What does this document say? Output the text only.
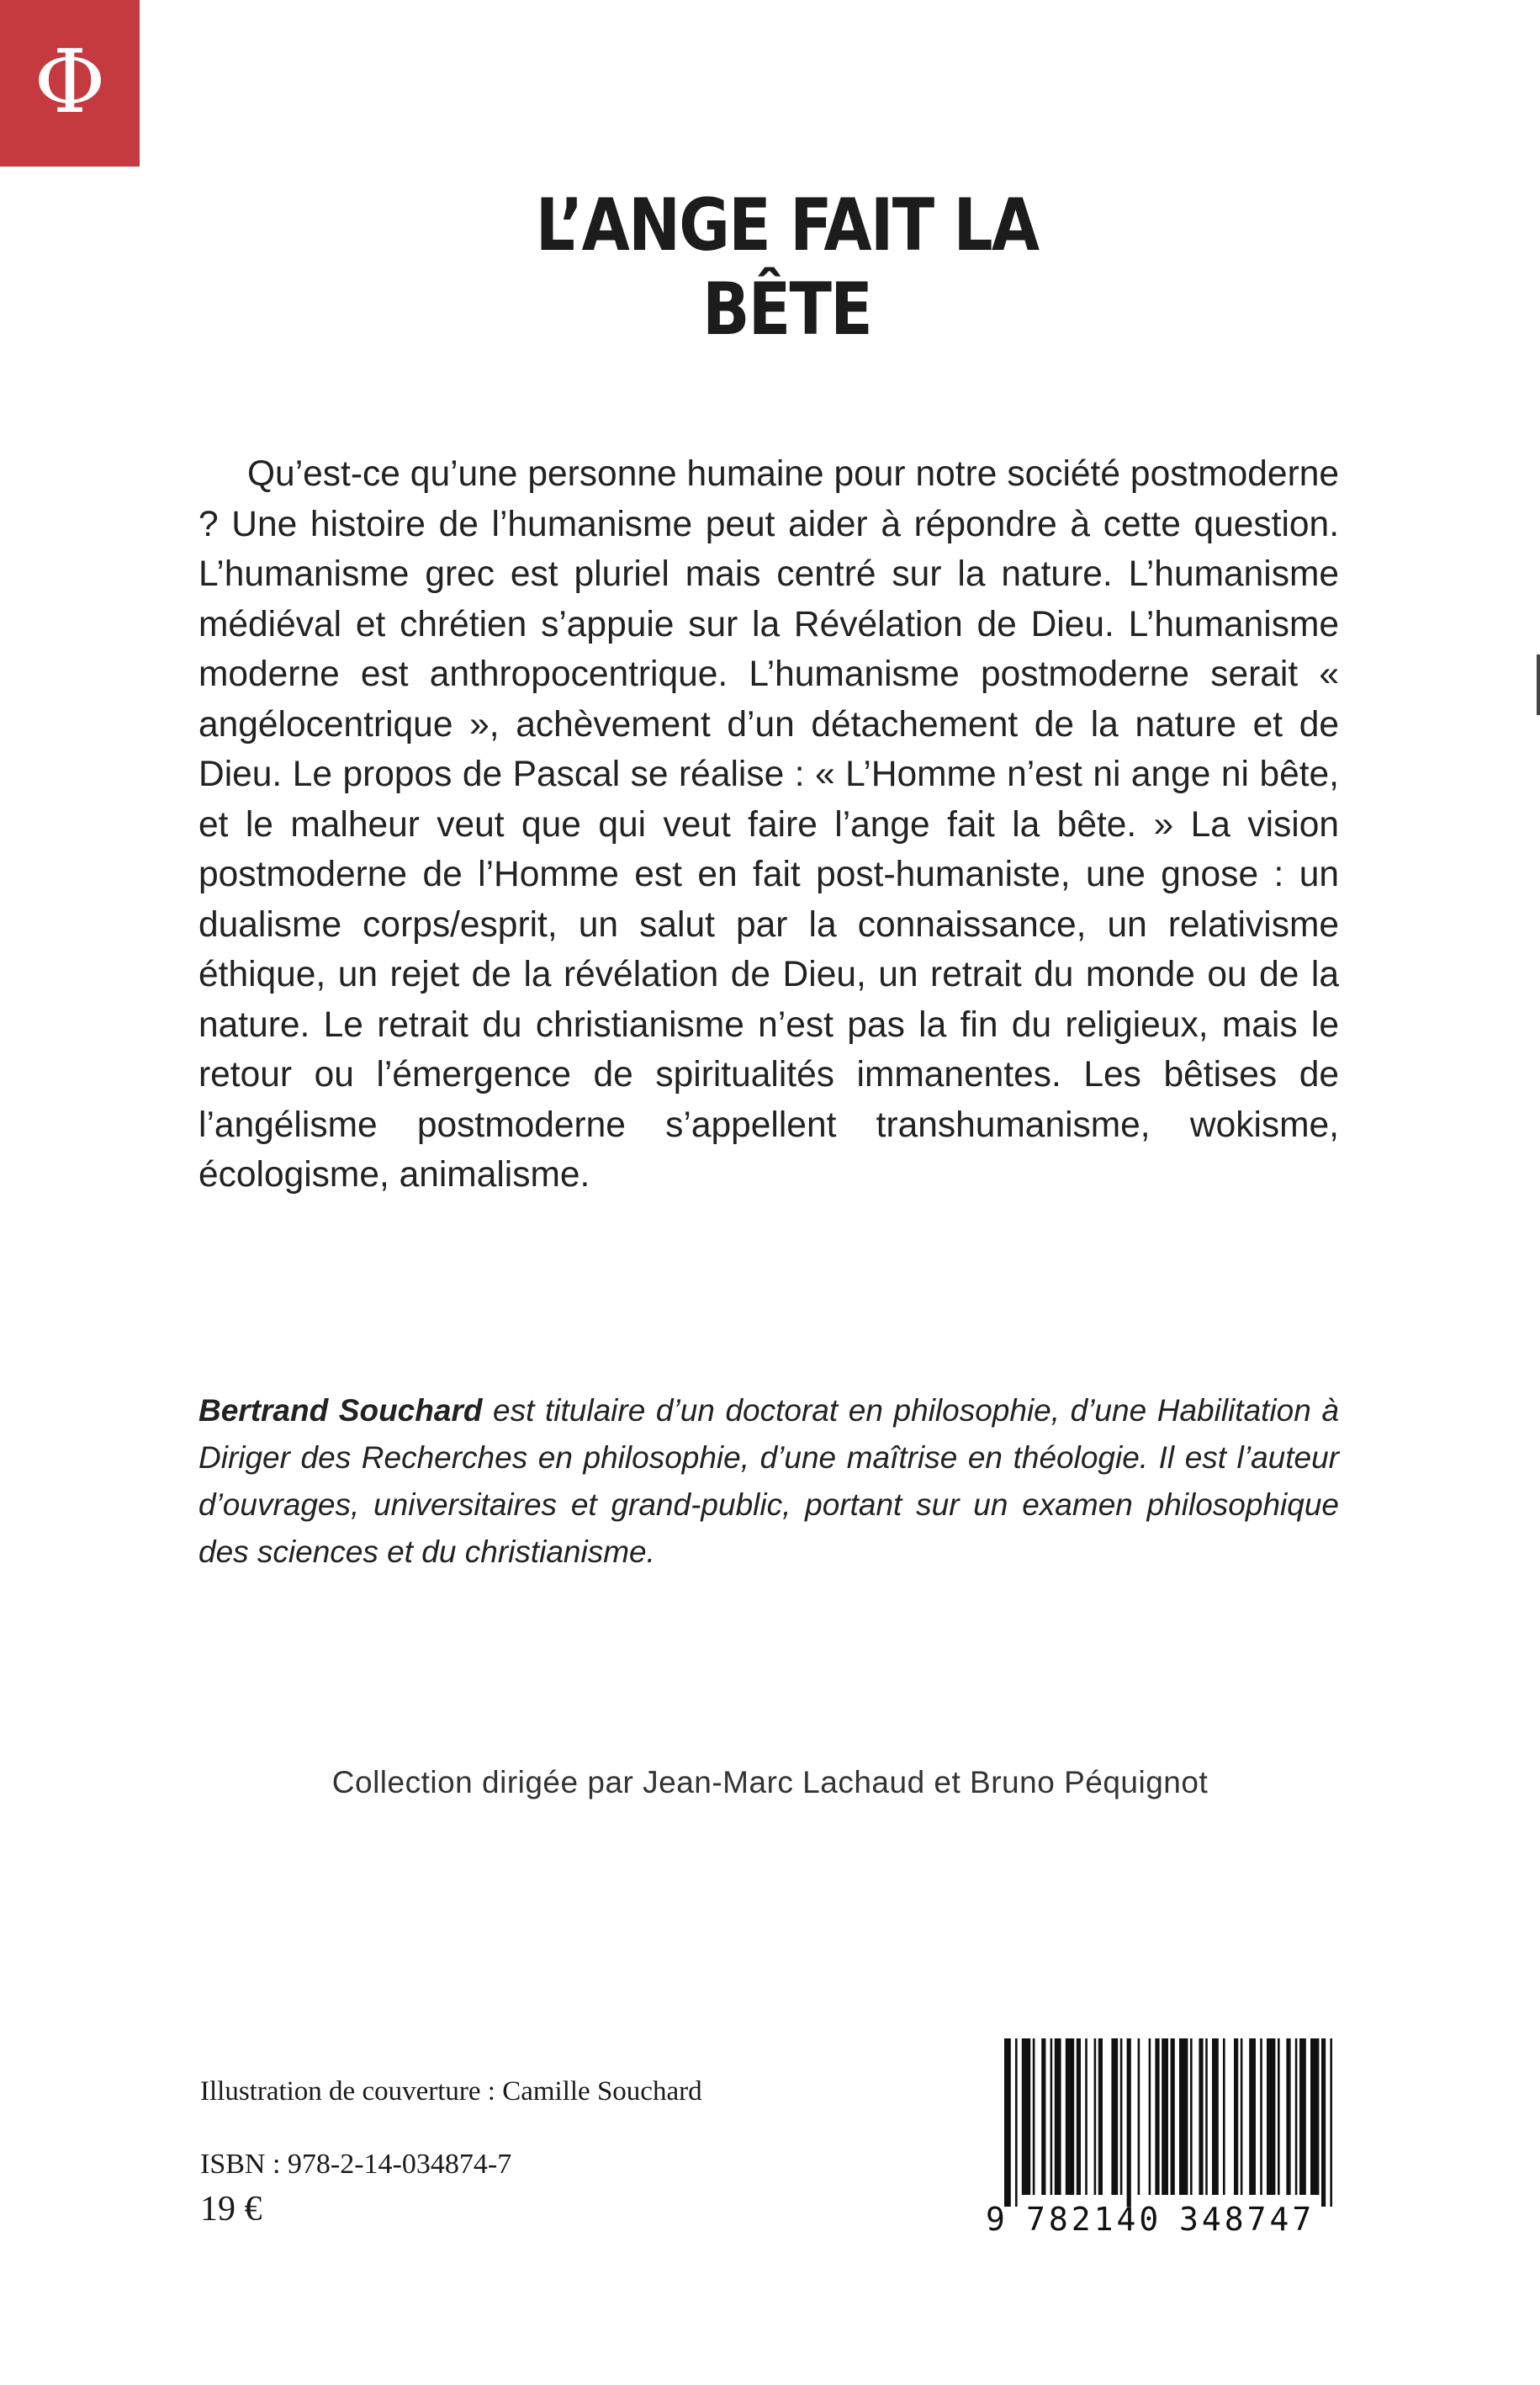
Φ
L’ANGE FAIT LA BÊTE

Qu’est-ce qu’une personne humaine pour notre société postmoderne ? Une histoire de l’humanisme peut aider à répondre à cette question. L’humanisme grec est pluriel mais centré sur la nature. L’humanisme médiéval et chrétien s’appuie sur la Révélation de Dieu. L’humanisme moderne est anthropocentrique. L’humanisme postmoderne serait « angélocentrique », achèvement d’un détachement de la nature et de Dieu. Le propos de Pascal se réalise : « L’Homme n’est ni ange ni bête, et le malheur veut que qui veut faire l’ange fait la bête. » La vision postmoderne de l’Homme est en fait post-humaniste, une gnose : un dualisme corps/esprit, un salut par la connaissance, un relativisme éthique, un rejet de la révélation de Dieu, un retrait du monde ou de la nature. Le retrait du christianisme n’est pas la fin du religieux, mais le retour ou l’émergence de spiritualités immanentes. Les bêtises de l’angélisme postmoderne s’appellent transhumanisme, wokisme, écologisme, animalisme.

Bertrand Souchard est titulaire d’un doctorat en philosophie, d’une Habilitation à Diriger des Recherches en philosophie, d’une maîtrise en théologie. Il est l’auteur d’ouvrages, universitaires et grand-public, portant sur un examen philosophique des sciences et du christianisme.

Collection dirigée par Jean-Marc Lachaud et Bruno Péquignot

Illustration de couverture : Camille Souchard

ISBN : 978-2-14-034874-7

19 €	9 782140 348747
